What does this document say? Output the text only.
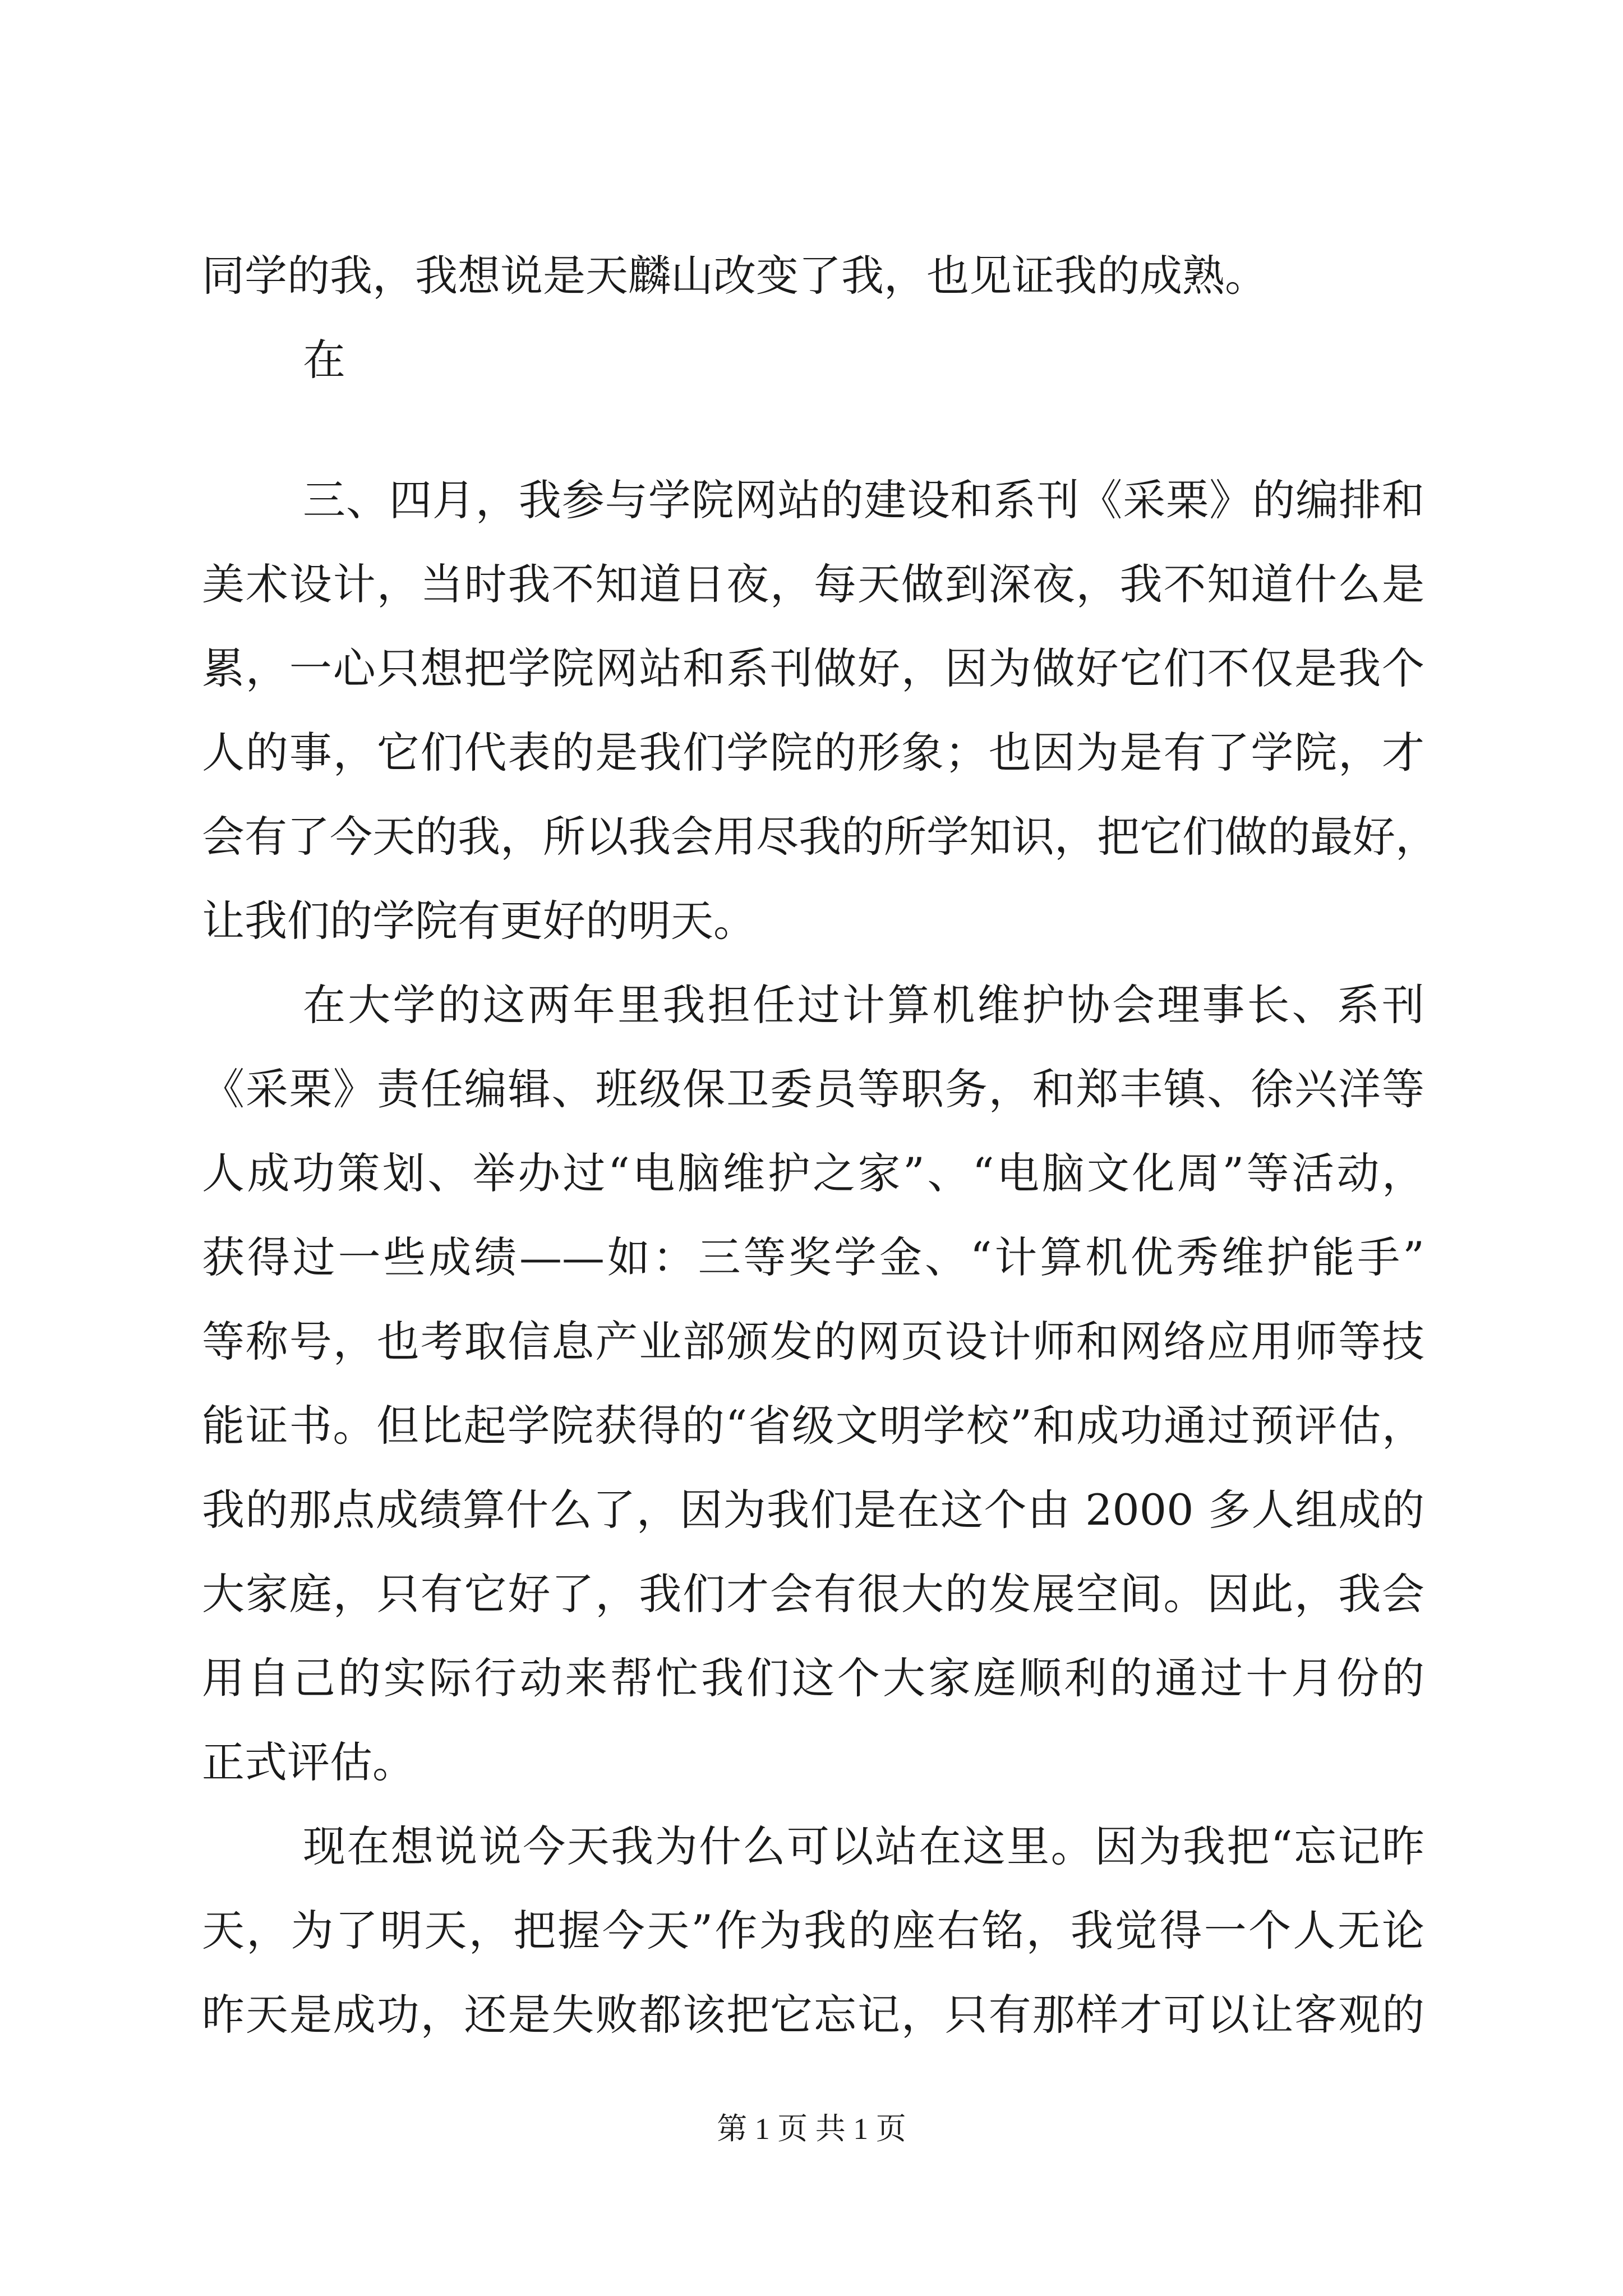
同学的我，我想说是天麟山改变了我，也见证我的成熟。
在
三、四月，我参与学院网站的建设和系刊《采栗》的编排和
美术设计，当时我不知道日夜，每天做到深夜，我不知道什么是
累，一心只想把学院网站和系刊做好，因为做好它们不仅是我个
人的事，它们代表的是我们学院的形象；也因为是有了学院，才
会有了今天的我，所以我会用尽我的所学知识，把它们做的最好，
让我们的学院有更好的明天。
在大学的这两年里我担任过计算机维护协会理事长、系刊
《采栗》责任编辑、班级保卫委员等职务，和郑丰镇、徐兴洋等
人成功策划、举办过“电脑维护之家”、“电脑文化周”等活动，
获得过一些成绩——如：三等奖学金、“计算机优秀维护能手”
等称号，也考取信息产业部颁发的网页设计师和网络应用师等技
能证书。但比起学院获得的“省级文明学校”和成功通过预评估，
我的那点成绩算什么了，因为我们是在这个由 2000 多人组成的
大家庭，只有它好了，我们才会有很大的发展空间。因此，我会
用自己的实际行动来帮忙我们这个大家庭顺利的通过十月份的
正式评估。
现在想说说今天我为什么可以站在这里。因为我把“忘记昨
天，为了明天，把握今天”作为我的座右铭，我觉得一个人无论
昨天是成功，还是失败都该把它忘记，只有那样才可以让客观的
第 1 页 共 1 页
